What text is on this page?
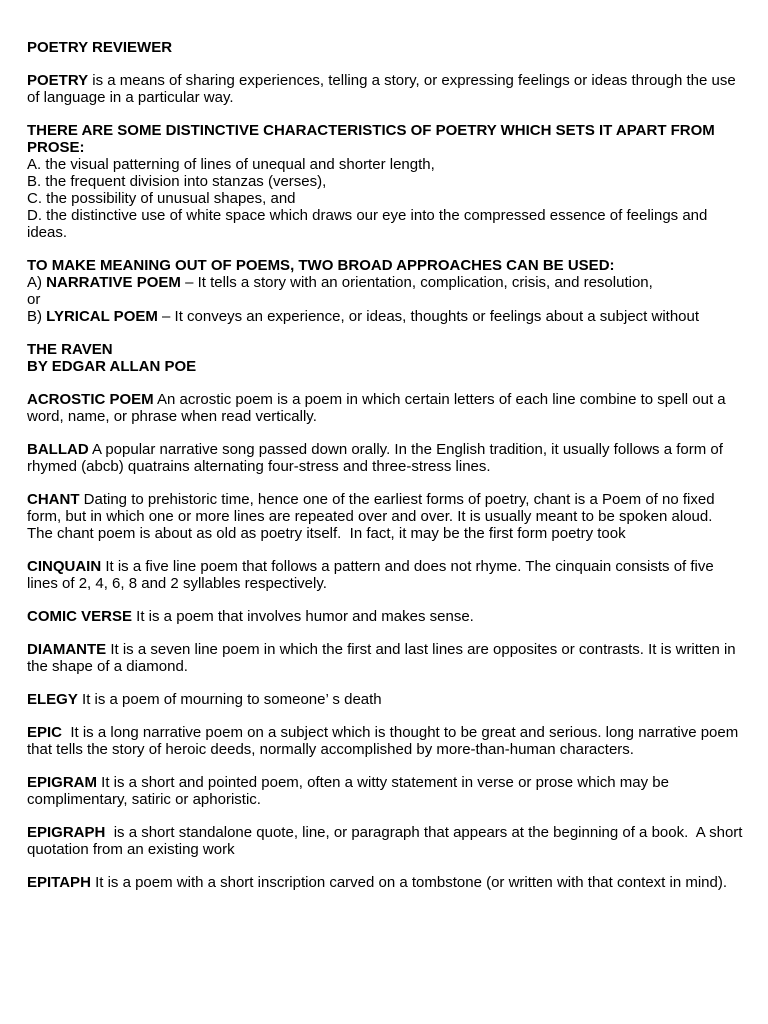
POETRY REVIEWER

POETRY is a means of sharing experiences, telling a story, or expressing feelings or ideas through the use of language in a particular way.

THERE ARE SOME DISTINCTIVE CHARACTERISTICS OF POETRY WHICH SETS IT APART FROM PROSE:
A. the visual patterning of lines of unequal and shorter length,
B. the frequent division into stanzas (verses),
C. the possibility of unusual shapes, and
D. the distinctive use of white space which draws our eye into the compressed essence of feelings and ideas.

TO MAKE MEANING OUT OF POEMS, TWO BROAD APPROACHES CAN BE USED:
A) NARRATIVE POEM – It tells a story with an orientation, complication, crisis, and resolution,
or
B) LYRICAL POEM – It conveys an experience, or ideas, thoughts or feelings about a subject without

THE RAVEN
BY EDGAR ALLAN POE

ACROSTIC POEM An acrostic poem is a poem in which certain letters of each line combine to spell out a word, name, or phrase when read vertically.

BALLAD A popular narrative song passed down orally. In the English tradition, it usually follows a form of rhymed (abcb) quatrains alternating four-stress and three-stress lines.

CHANT Dating to prehistoric time, hence one of the earliest forms of poetry, chant is a Poem of no fixed form, but in which one or more lines are repeated over and over. It is usually meant to be spoken aloud.
The chant poem is about as old as poetry itself.  In fact, it may be the first form poetry took

CINQUAIN It is a five line poem that follows a pattern and does not rhyme. The cinquain consists of five lines of 2, 4, 6, 8 and 2 syllables respectively.

COMIC VERSE It is a poem that involves humor and makes sense.

DIAMANTE It is a seven line poem in which the first and last lines are opposites or contrasts. It is written in the shape of a diamond.

ELEGY It is a poem of mourning to someone’ s death

EPIC  It is a long narrative poem on a subject which is thought to be great and serious. long narrative poem that tells the story of heroic deeds, normally accomplished by more-than-human characters.

EPIGRAM It is a short and pointed poem, often a witty statement in verse or prose which may be complimentary, satiric or aphoristic.

EPIGRAPH  is a short standalone quote, line, or paragraph that appears at the beginning of a book.  A short quotation from an existing work

EPITAPH It is a poem with a short inscription carved on a tombstone (or written with that context in mind).
